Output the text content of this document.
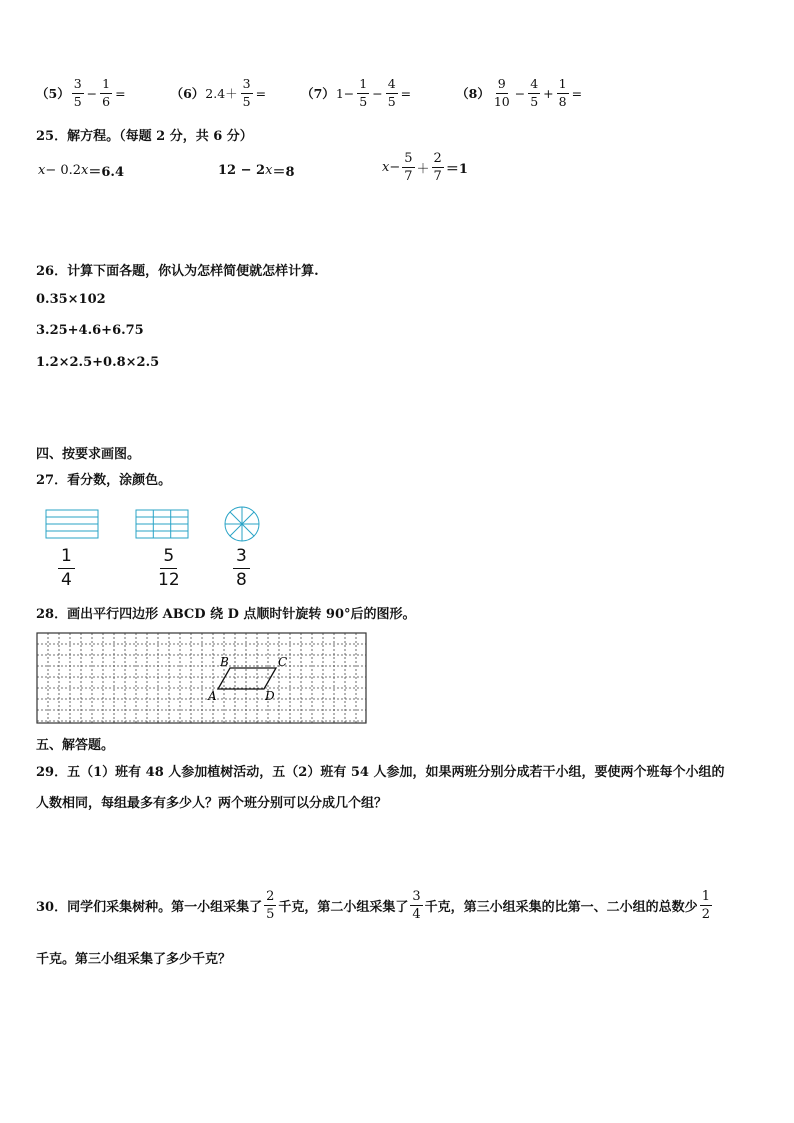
$(5) \frac{3}{5} - \frac{1}{6}$ =	（6） $2.4+ \frac{3}{5}$ =	（7） $1- \frac{1}{5} - \frac{4}{5}$ =	$(8) \frac{9}{10} - \frac{4}{5} + \frac{1}{8}$ =
25．解方程。（每题 2 分，共 6 分）
x − 0.2 x ＝6.4	12 − 2 x ＝8	$x - \frac{5}{7} + \frac{2}{7} =1$
26．计算下面各题，你认为怎样简便就怎样计算.
0.35×102
3.25+4.6+6.75
1.2×2.5+0.8×2.5
四、按要求画图。
27．看分数，涂颜色。
$\frac{1}{4}$	$\frac{5}{12}$	$\frac{3}{8}$
28．画出平行四边形 ABCD 绕 D 点顺时针旋转 90°后的图形。
B	C
A	D
五、解答题。
29．五（1）班有 48 人参加植树活动，五（2）班有 54 人参加，如果两班分别分成若干小组，要使两个班每个小组的
人数相同，每组最多有多少人？两个班分别可以分成几个组？
30．同学们采集树种。第一小组采集了 $\frac{2}{5}$ 千克，第二小组采集了 $\frac{3}{4}$ 千克，第三小组采集的比第一、二小组的总数少 $\frac{1}{2}$
千克。第三小组采集了多少千克？
